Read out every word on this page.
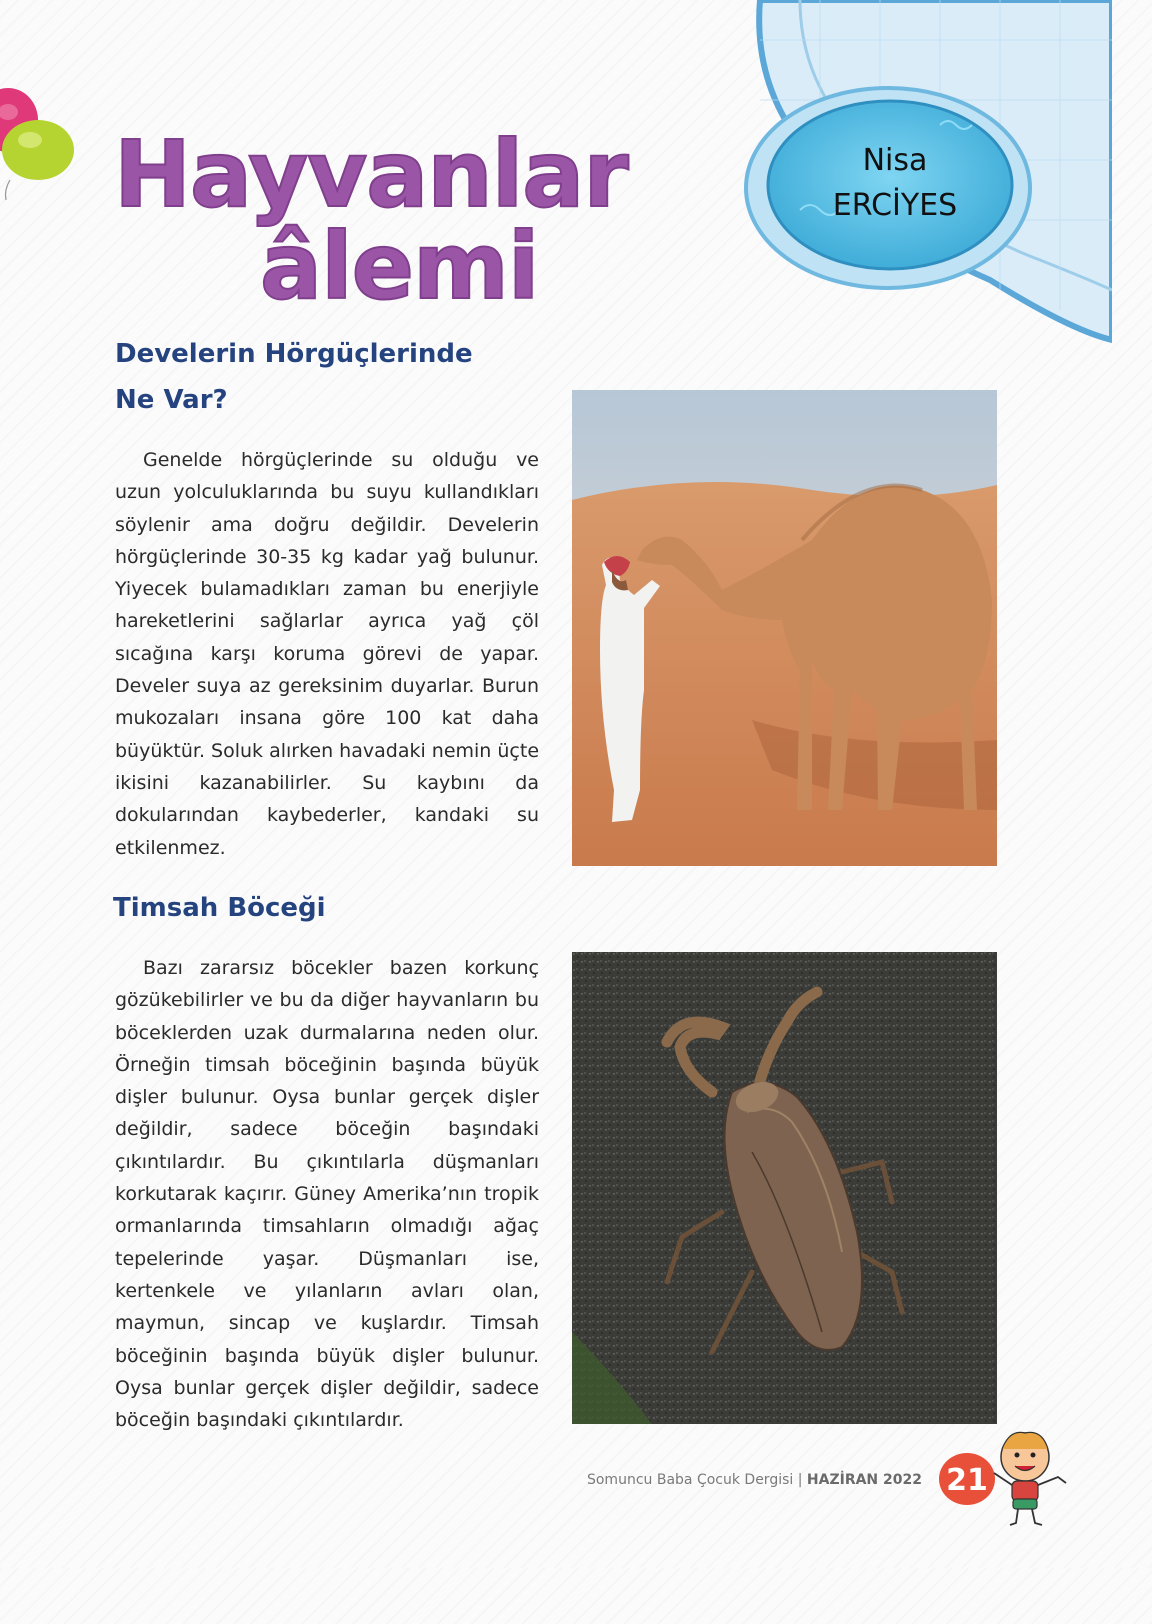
Hayvanlar
âlemi
Nisa
ERCİYES
Develerin Hörgüçlerinde
Ne Var?

Genelde hörgüçlerinde su olduğu ve uzun yolculuklarında bu suyu kullandıkları söylenir ama doğru değildir. Develerin hörgüçlerinde 30-35 kg kadar yağ bulunur. Yiyecek bulamadıkları zaman bu enerjiyle hareketlerini sağlarlar ayrıca yağ çöl sıcağına karşı koruma görevi de yapar. Develer suya az gereksinim duyarlar. Burun mukozaları insana göre 100 kat daha büyüktür. Soluk alırken havadaki nemin üçte ikisini kazanabilirler. Su kaybını da dokularından kaybederler, kandaki su etkilenmez.

Timsah Böceği

Bazı zararsız böcekler bazen korkunç gözükebilirler ve bu da diğer hayvanların bu böceklerden uzak durmalarına neden olur. Örneğin timsah böceğinin başında büyük dişler bulunur. Oysa bunlar gerçek dişler değildir, sadece böceğin başındaki çıkıntılardır. Bu çıkıntılarla düşmanları korkutarak kaçırır. Güney Amerika’nın tropik ormanlarında timsahların olmadığı ağaç tepelerinde yaşar. Düşmanları ise, kertenkele ve yılanların avları olan, maymun, sincap ve kuşlardır. Timsah böceğinin başında büyük dişler bulunur. Oysa bunlar gerçek dişler değildir, sadece böceğin başındaki çıkıntılardır.

Somuncu Baba Çocuk Dergisi | HAZİRAN 2022 21
